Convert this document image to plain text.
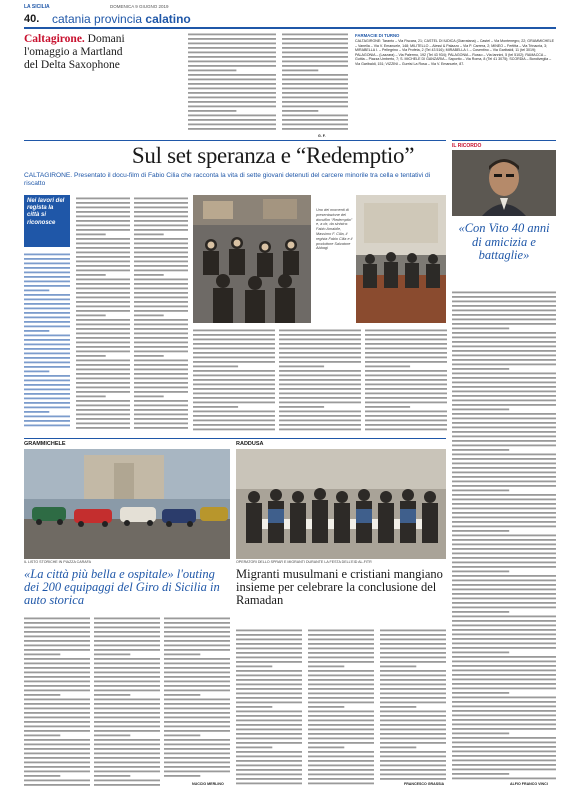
LA SICILIA	DOMENICA 9 GIUGNO 2019
40. catania provincia calatino
Caltagirone. Domani
l'omaggio a Martland
del Delta Saxophone
G. F.
FARMACIE DI TURNO
CALTAGIRONE: Taranto – Via Fiscara, 21; CASTEL DI IUDICA (Giarratana) – Castel – Via Montenegro, 22; GRAMMICHELE – Vanella – Via V. Emanuele, 148; MILITELLO – Alessi & Palazzo – Via P. Carrera, 2; MINEO – Fertitta – Via Trinacria, 3; MIRABELLA I. – Pellegrino – Via Profeta, 2 (Tel 43 516); MIRABELLA I. – Cosentino – Via Garibaldi, 11 (tel 3019); PALAGONIA – (Lazzara) – Via Palermo, 192 (Tel 43 934); PALAGONIA – Russo – Via Iannini, 5 (tel 5102); RAMACCA – Guttia – Piazza Umberto, 7; S. MICHELE DI GANZARIA – Saporito – Via Roma, 8 (Tel 41 3075); SCORDIA – Bondiveglia – Via Garibaldi, 151; VIZZINI – Gurrisi La Rosa – Via V. Emanuele, 87.
Sul set speranza e “Redemptio”
CALTAGIRONE. Presentato il docu-film di Fabio Cilia che racconta la vita di sette giovani detenuti del carcere minorile tra cella e tentativi di riscatto
Nei lavori del regista la città si riconosce
Uno dei momenti di presentazione del docufilm “Redemptio” e, a dx, da sinistra: Fabio Amabile, Massimo F. Cilia, il regista Fabio Cilia e il produttore Salvatore Abbagi
IL RICORDO
«Con Vito 40 anni di amicizia e battaglie»
ALFIO FRANCO VINCI
GRAMMICHELE
IL LISTO STORICHE IN PIAZZA CARAFA
«La città più bella e ospitale» l'outing dei 200 equipaggi del Giro di Sicilia in auto storica
NUCCIO MERLINO
RADDUSA
OPERATORI DELLO SPRAR E MIGRANTI DURANTE LA FESTA DELL'EID AL-FITR
Migranti musulmani e cristiani mangiano insieme per celebrare la conclusione del Ramadan
FRANCESCO GRASSIA
